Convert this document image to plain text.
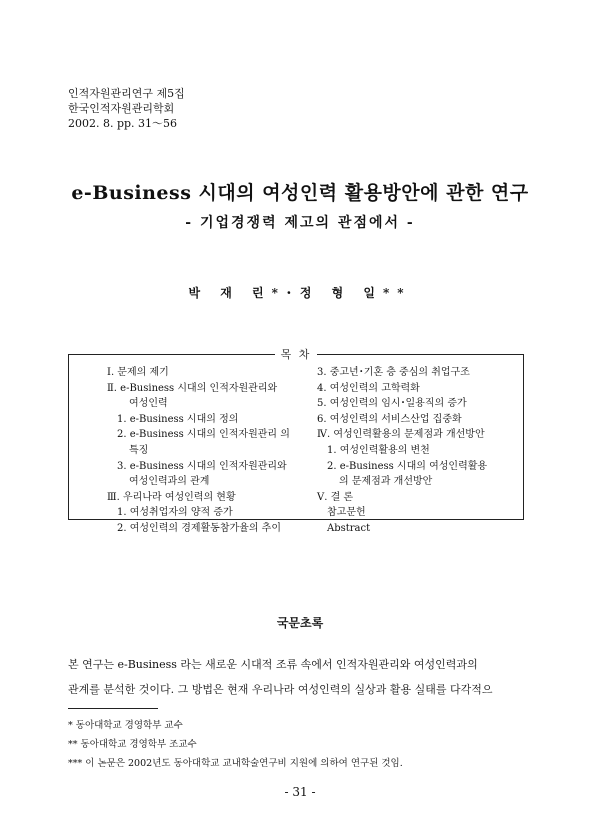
인적자원관리연구 제5집
한국인적자원관리학회
2002. 8. pp. 31～56
e-Business 시대의 여성인력 활용방안에 관한 연구
- 기업경쟁력 제고의 관점에서 -
박 재 린*･정 형 일**
목 차
Ⅰ. 문제의 제기
Ⅱ. e-Business 시대의 인적자원관리와
여성인력
1. e-Business 시대의 정의
2. e-Business 시대의 인적자원관리 의
특징
3. e-Business 시대의 인적자원관리와
여성인력과의 관계
Ⅲ. 우리나라 여성인력의 현황
1. 여성취업자의 양적 증가
2. 여성인력의 경제활동참가율의 추이
3. 중고년･기혼 층 중심의 취업구조
4. 여성인력의 고학력화
5. 여성인력의 임시･일용직의 증가
6. 여성인력의 서비스산업 집중화
Ⅳ. 여성인력활용의 문제점과 개선방안
1. 여성인력활용의 변천
2. e-Business 시대의 여성인력활용
의 문제점과 개선방안
Ⅴ. 결 론
참고문헌
Abstract
국문초록
본 연구는 e-Business 라는 새로운 시대적 조류 속에서 인적자원관리와 여성인력과의
관계를 분석한 것이다. 그 방법은 현재 우리나라 여성인력의 실상과 활용 실태를 다각적으
* 동아대학교 경영학부 교수
** 동아대학교 경영학부 조교수
*** 이 논문은 2002년도 동아대학교 교내학술연구비 지원에 의하여 연구된 것임.
- 31 -
